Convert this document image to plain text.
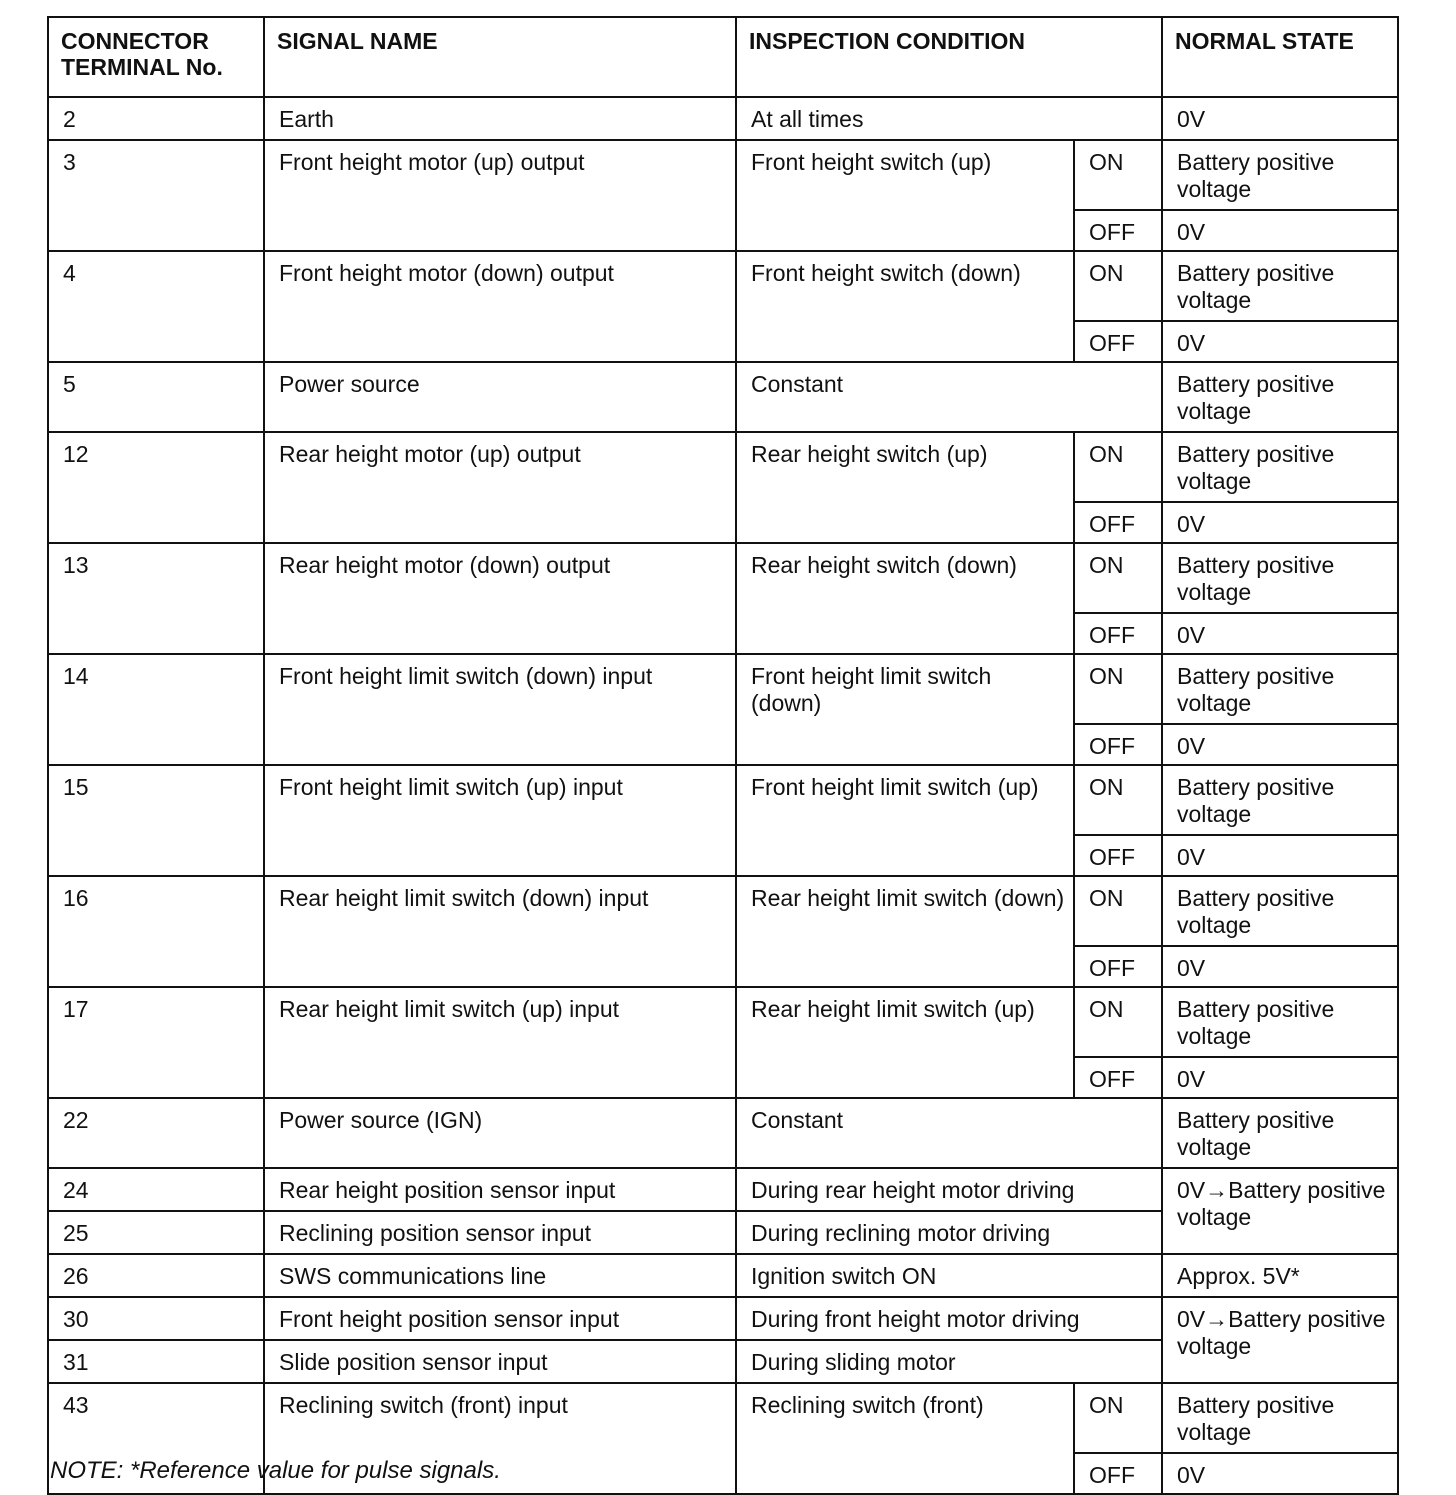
CONNECTOR TERMINAL No.	SIGNAL NAME	INSPECTION CONDITION		NORMAL STATE
2	Earth	At all times		0V
3	Front height motor (up) output	Front height switch (up)	ON	Battery positive voltage
			OFF	0V
4	Front height motor (down) output	Front height switch (down)	ON	Battery positive voltage
			OFF	0V
5	Power source	Constant		Battery positive voltage
12	Rear height motor (up) output	Rear height switch (up)	ON	Battery positive voltage
			OFF	0V
13	Rear height motor (down) output	Rear height switch (down)	ON	Battery positive voltage
			OFF	0V
14	Front height limit switch (down) input	Front height limit switch (down)	ON	Battery positive voltage
			OFF	0V
15	Front height limit switch (up) input	Front height limit switch (up)	ON	Battery positive voltage
			OFF	0V
16	Rear height limit switch (down) input	Rear height limit switch (down)	ON	Battery positive voltage
			OFF	0V
17	Rear height limit switch (up) input	Rear height limit switch (up)	ON	Battery positive voltage
			OFF	0V
22	Power source (IGN)	Constant		Battery positive voltage
24	Rear height position sensor input	During rear height motor driving		0V→Battery positive voltage
25	Reclining position sensor input	During reclining motor driving		
26	SWS communications line	Ignition switch ON		Approx. 5V*
30	Front height position sensor input	During front height motor driving		0V→Battery positive voltage
31	Slide position sensor input	During sliding motor		
43	Reclining switch (front) input	Reclining switch (front)	ON	Battery positive voltage
			OFF	0V
NOTE: *Reference value for pulse signals.
